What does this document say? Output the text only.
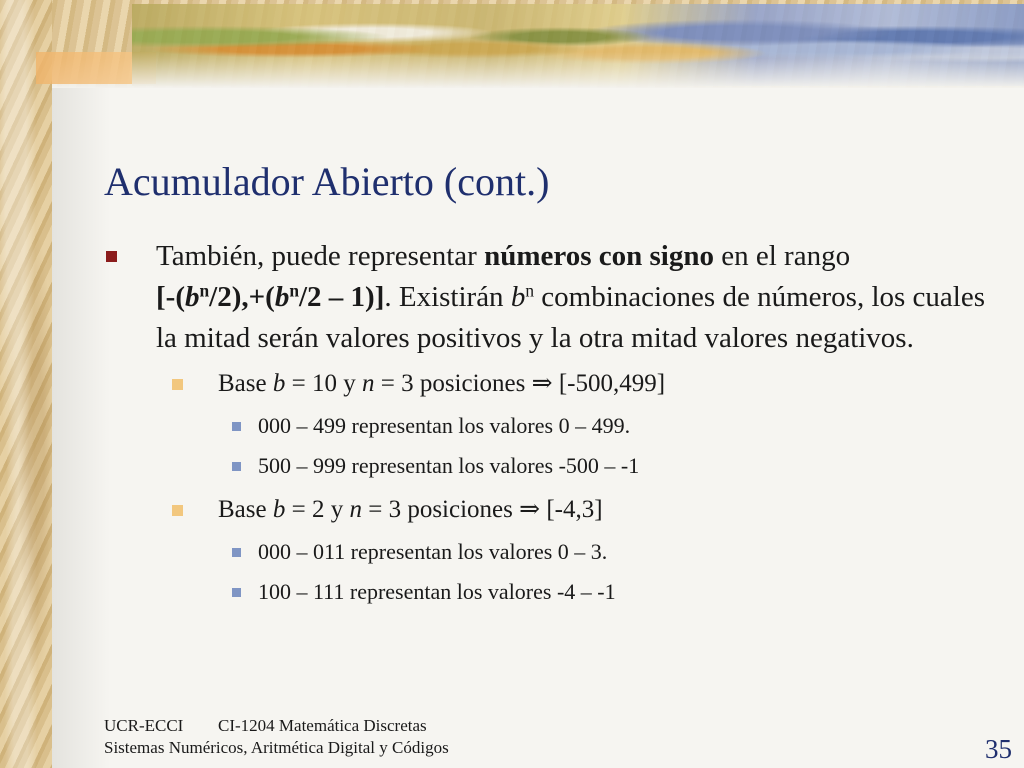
Acumulador Abierto (cont.)
También, puede representar números con signo en el rango
$[-(b^n/2),+(b^n/2 - 1)]$. Existirán $b^n$ combinaciones de números, los cuales la mitad serán valores positivos y la otra mitad valores negativos.
Base b = 10 y n = 3 posiciones ⇒ [-500,499]
000 – 499 representan los valores 0 – 499.
500 – 999 representan los valores -500 – -1
Base b = 2 y n = 3 posiciones ⇒ [-4,3]
000 – 011 representan los valores 0 – 3.
100 – 111 representan los valores -4 – -1
UCR-ECCI CI-1204 Matemática Discretas
Sistemas Numéricos, Aritmética Digital y Códigos	35
